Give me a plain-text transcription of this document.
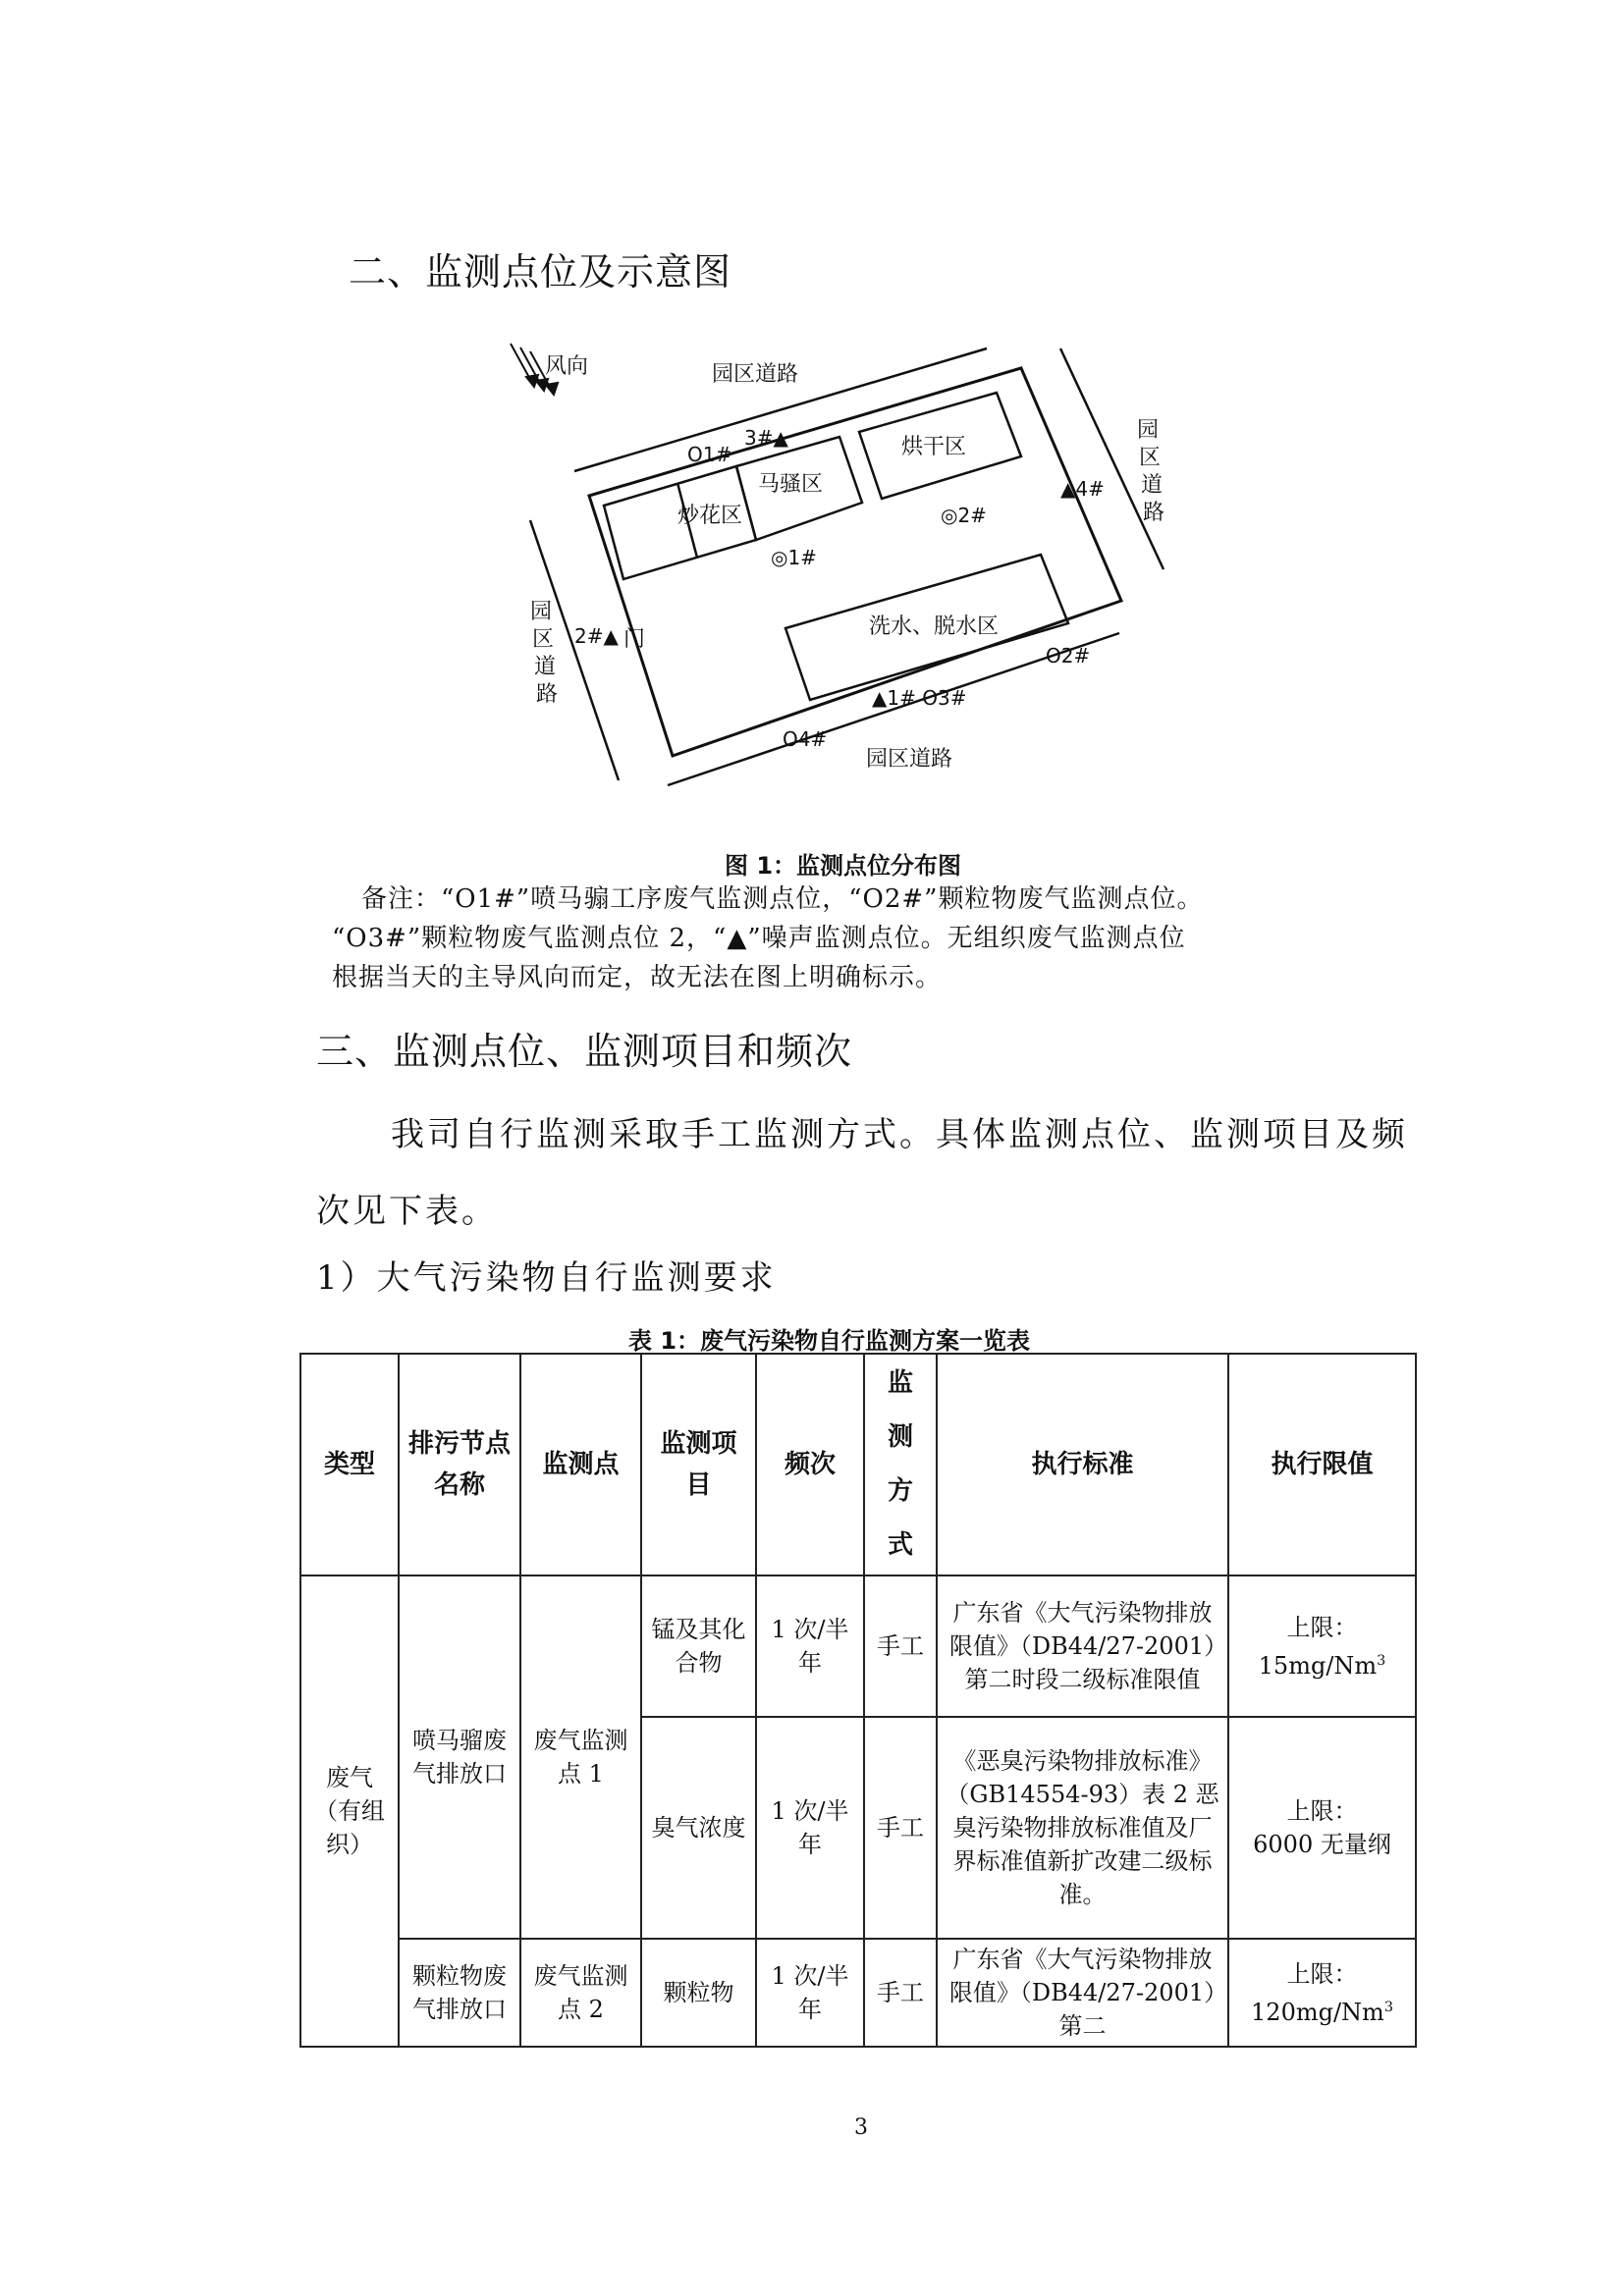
二、监测点位及示意图
风向
炒花区
马骚区
烘干区
洗水、脱水区
园区道路
园区道路
园
区
道
路
园
区
道
路
O1#
3#▲
◎1#
◎2#
▲4#
2#▲ 门
O2#
▲1# O3#
O4#
图 1：监测点位分布图
备注：“O1#”喷马骟工序废气监测点位，“O2#”颗粒物废气监测点位。
“O3#”颗粒物废气监测点位 2，“▲”噪声监测点位。无组织废气监测点位
根据当天的主导风向而定，故无法在图上明确标示。
三、监测点位、监测项目和频次
我司自行监测采取手工监测方式。具体监测点位、监测项目及频
次见下表。
1）大气污染物自行监测要求
表 1：废气污染物自行监测方案一览表
类型	排污节点名称	监测点	监测项目	频次	监
测
方
式	执行标准	执行限值
废气（有组织）	喷马骝废气排放口	废气监测点 1	锰及其化合物	1 次/半年	手工	广东省《大气污染物排放限值》（DB44/27-2001）第二时段二级标准限值	上限：
15mg/Nm$^3$
			臭气浓度	1 次/半年	手工	《恶臭污染物排放标准》（GB14554-93）表 2 恶臭污染物排放标准值及厂界标准值新扩改建二级标准。	上限：
6000 无量纲
	颗粒物废气排放口	废气监测点 2	颗粒物	1 次/半年	手工	广东省《大气污染物排放限值》（DB44/27-2001）第二	上限：
120mg/Nm$^3$
3
